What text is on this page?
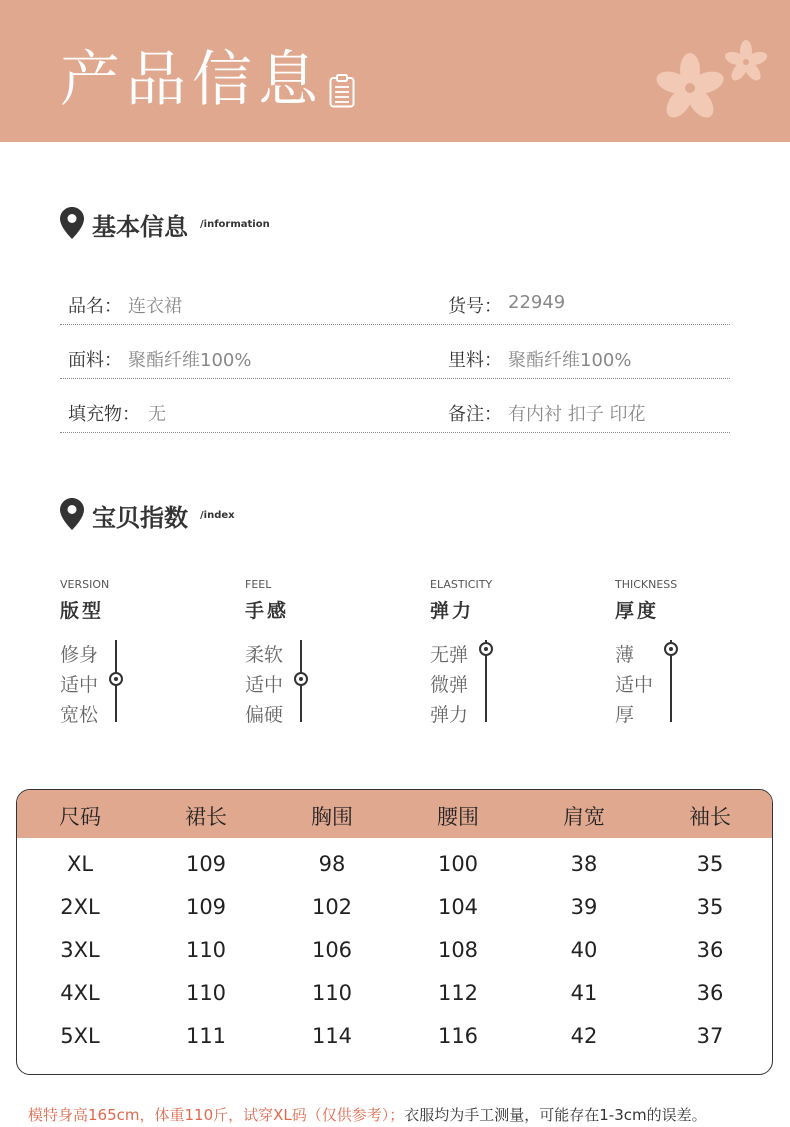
产品信息
基本信息 /information
品名： 连衣裙	货号： 22949
面料： 聚酯纤维100%	里料： 聚酯纤维100%
填充物： 无	备注： 有内衬 扣子 印花
宝贝指数 /index
VERSION
版型
修身
适中
宽松
FEEL
手感
柔软
适中
偏硬
ELASTICITY
弹力
无弹
微弹
弹力
THICKNESS
厚度
薄
适中
厚
尺码	裙长	胸围	腰围	肩宽	袖长
XL	109	98	100	38	35
2XL	109	102	104	39	35
3XL	110	106	108	40	36
4XL	110	110	112	41	36
5XL	111	114	116	42	37
模特身高165cm，体重110斤，试穿XL码（仅供参考）；衣服均为手工测量，可能存在1-3cm的误差。
